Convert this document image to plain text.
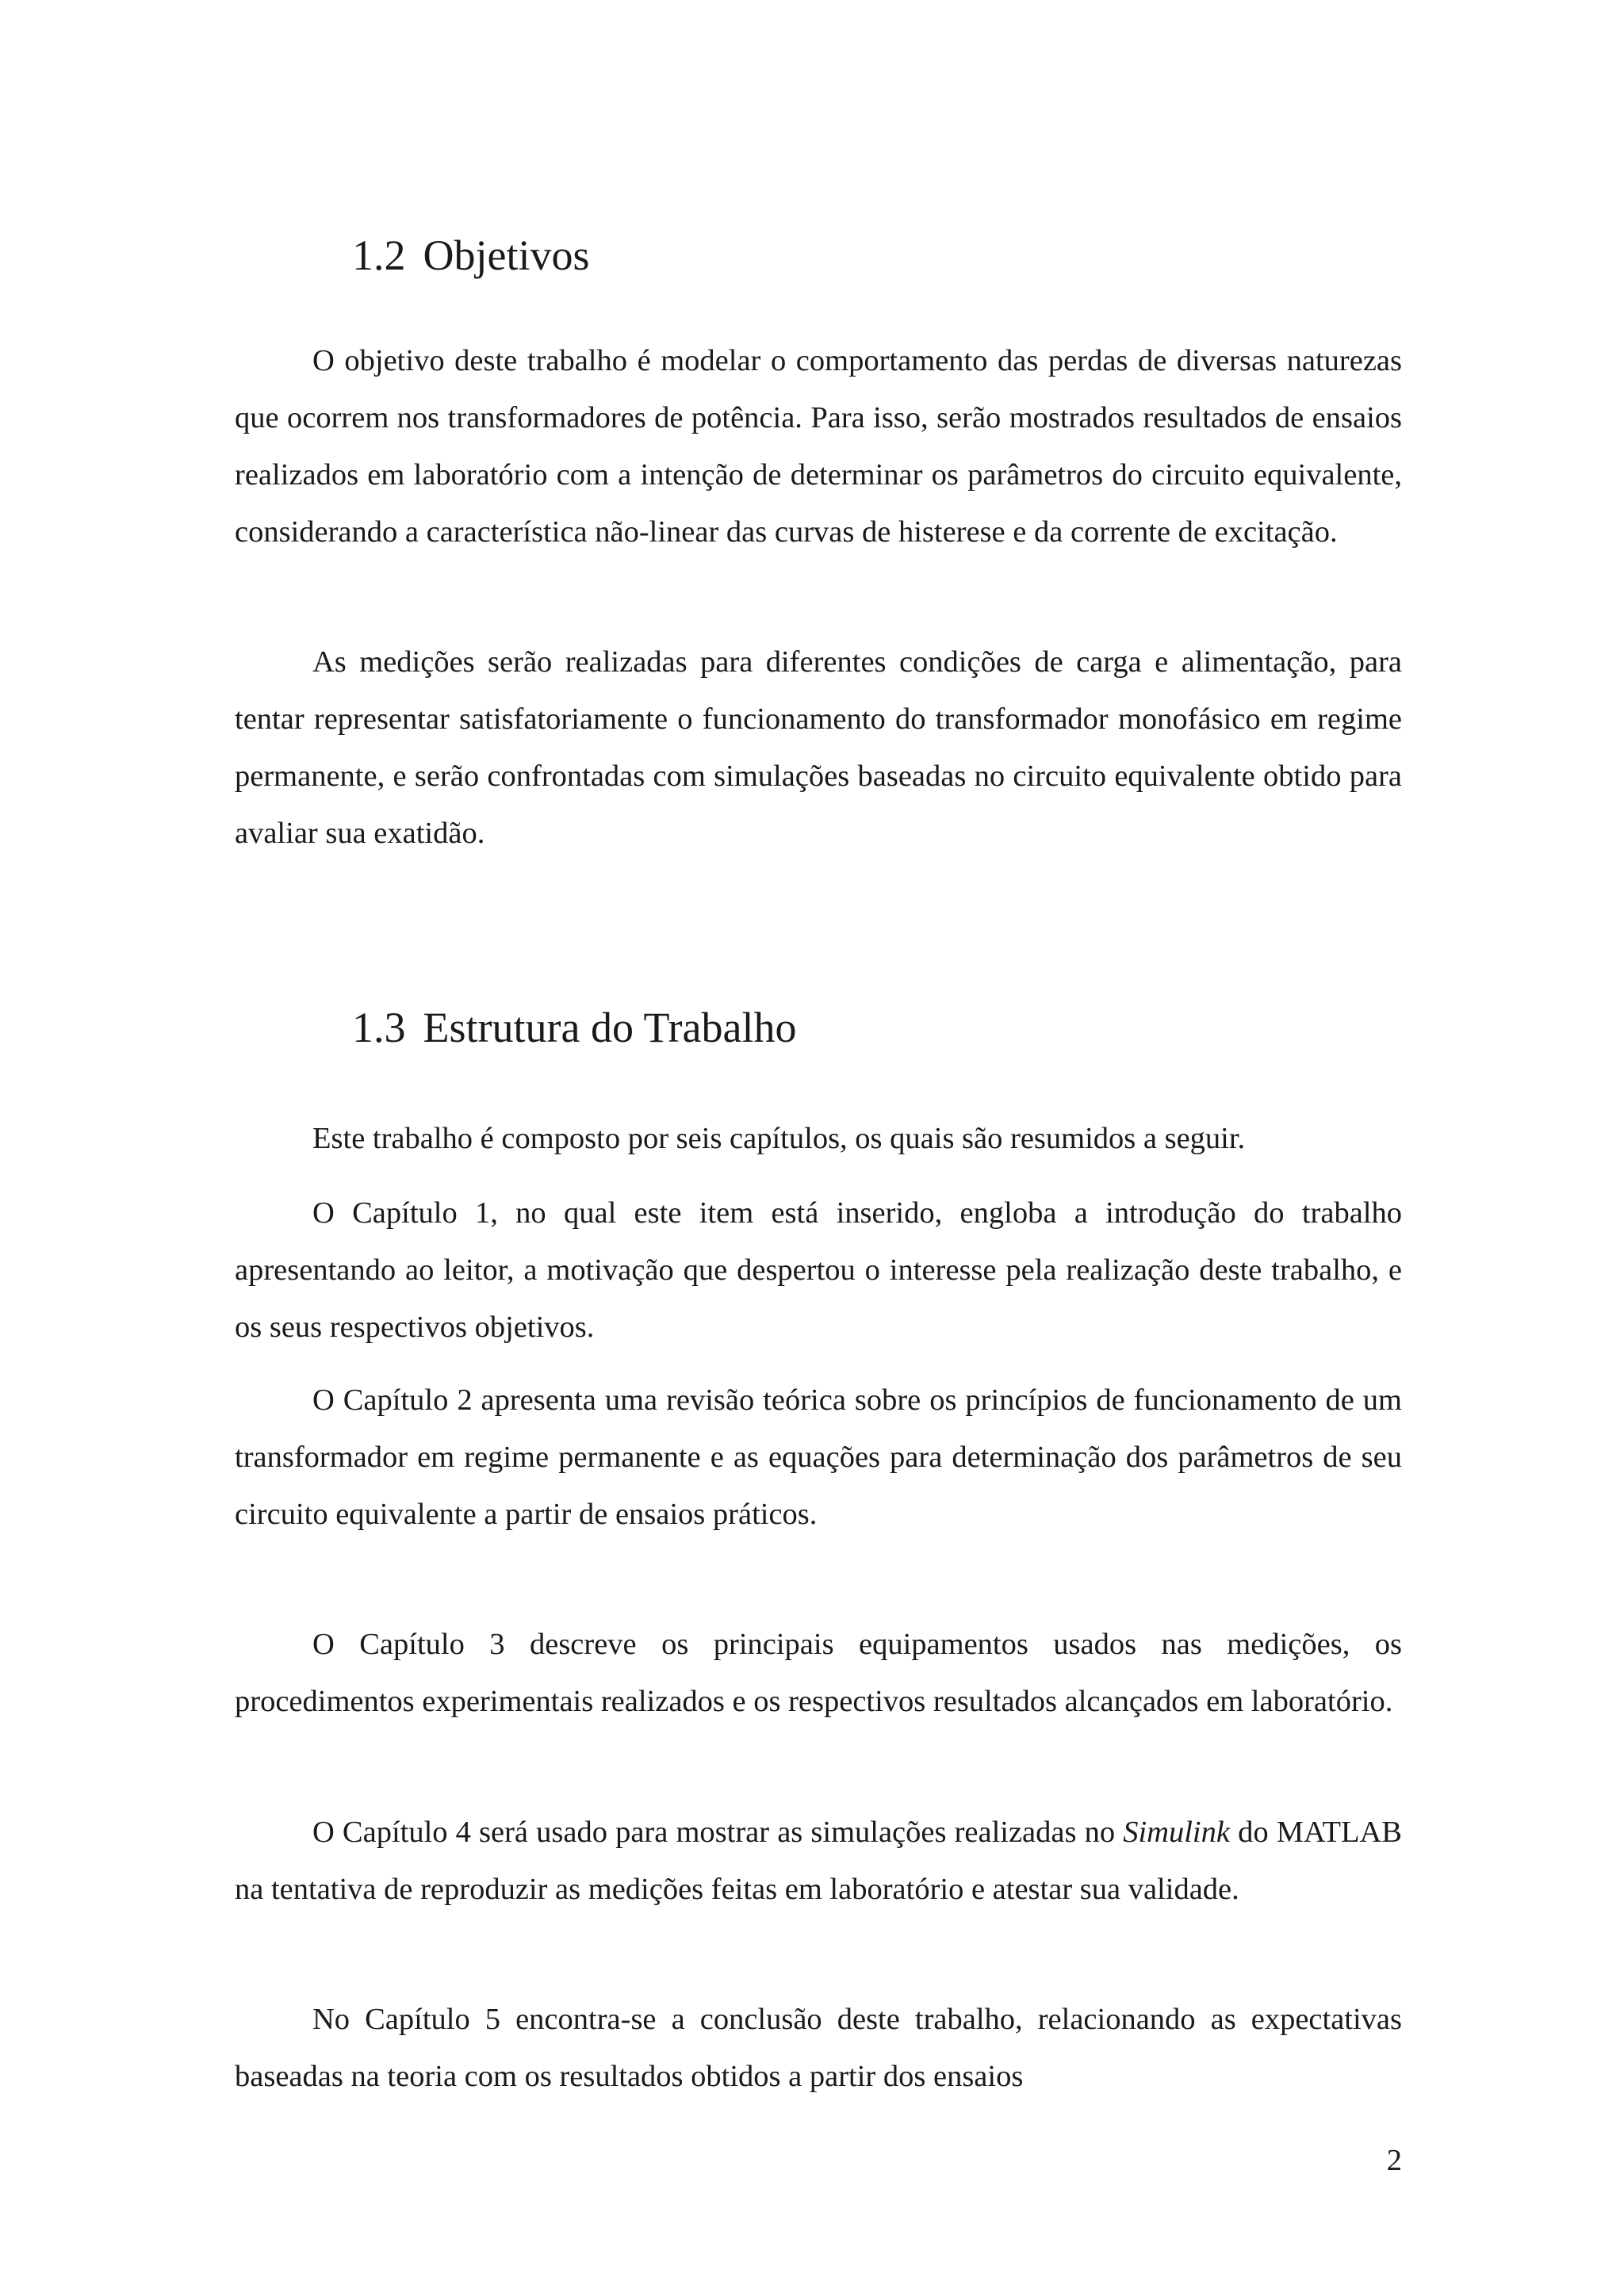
1.2 Objetivos

O objetivo deste trabalho é modelar o comportamento das perdas de diversas naturezas que ocorrem nos transformadores de potência. Para isso, serão mostrados resultados de ensaios realizados em laboratório com a intenção de determinar os parâmetros do circuito equivalente, considerando a característica não-linear das curvas de histerese e da corrente de excitação.

As medições serão realizadas para diferentes condições de carga e alimentação, para tentar representar satisfatoriamente o funcionamento do transformador monofásico em regime permanente, e serão confrontadas com simulações baseadas no circuito equivalente obtido para avaliar sua exatidão.

1.3 Estrutura do Trabalho

Este trabalho é composto por seis capítulos, os quais são resumidos a seguir.

O Capítulo 1, no qual este item está inserido, engloba a introdução do trabalho apresentando ao leitor, a motivação que despertou o interesse pela realização deste trabalho, e os seus respectivos objetivos.

O Capítulo 2 apresenta uma revisão teórica sobre os princípios de funcionamento de um transformador em regime permanente e as equações para determinação dos parâmetros de seu circuito equivalente a partir de ensaios práticos.

O Capítulo 3 descreve os principais equipamentos usados nas medições, os procedimentos experimentais realizados e os respectivos resultados alcançados em laboratório.

O Capítulo 4 será usado para mostrar as simulações realizadas no Simulink do MATLAB na tentativa de reproduzir as medições feitas em laboratório e atestar sua validade.

No Capítulo 5 encontra-se a conclusão deste trabalho, relacionando as expectativas baseadas na teoria com os resultados obtidos a partir dos ensaios

2
